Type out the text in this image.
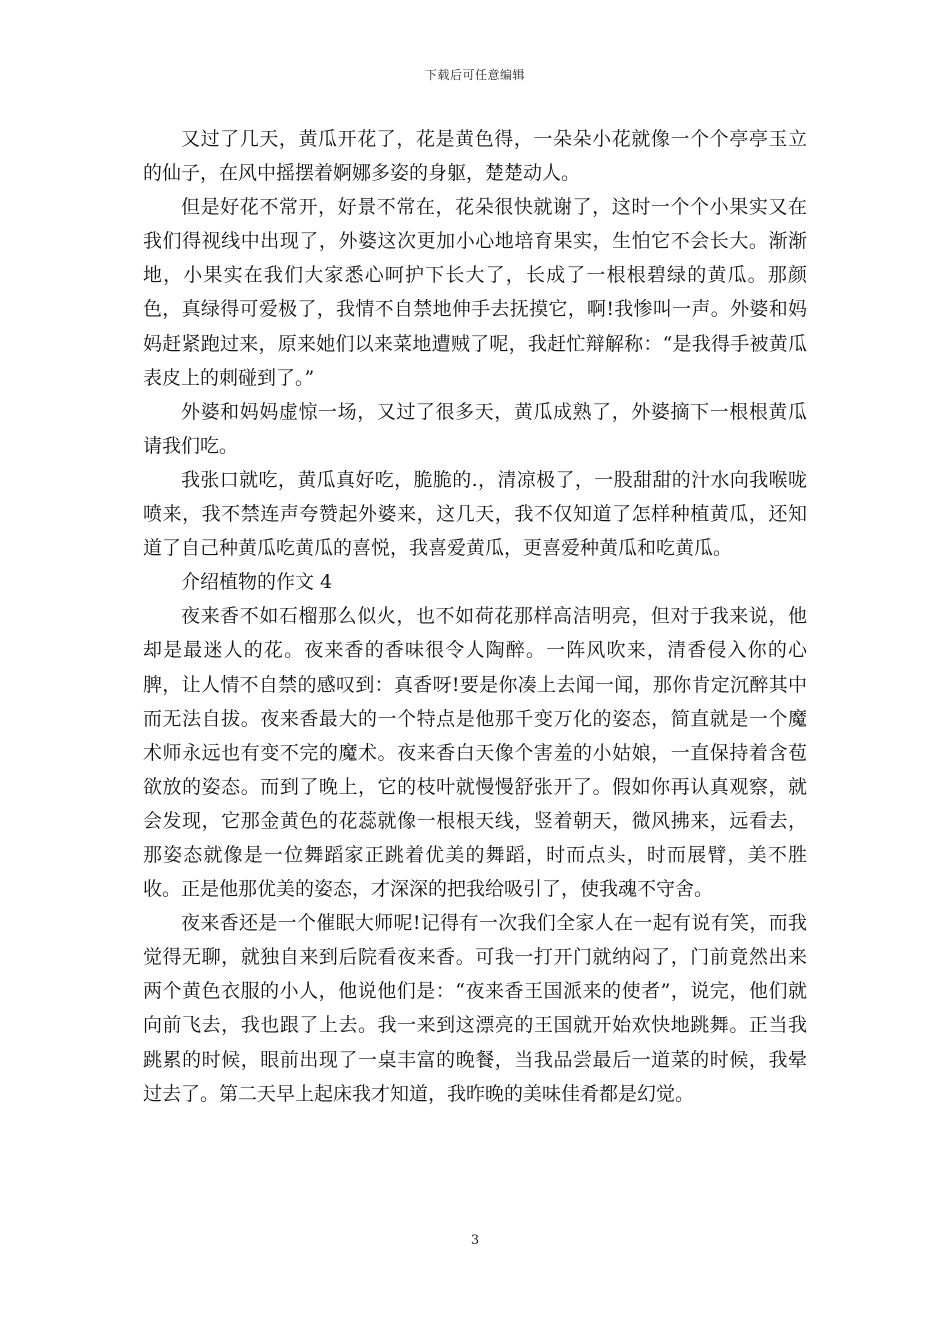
下载后可任意编辑

又过了几天，黄瓜开花了，花是黄色得，一朵朵小花就像一个个亭亭玉立的仙子，在风中摇摆着婀娜多姿的身躯，楚楚动人。

但是好花不常开，好景不常在，花朵很快就谢了，这时一个个小果实又在我们得视线中出现了，外婆这次更加小心地培育果实，生怕它不会长大。渐渐地，小果实在我们大家悉心呵护下长大了，长成了一根根碧绿的黄瓜。那颜色，真绿得可爱极了，我情不自禁地伸手去抚摸它，啊!我惨叫一声。外婆和妈妈赶紧跑过来，原来她们以来菜地遭贼了呢，我赶忙辩解称：“是我得手被黄瓜表皮上的刺碰到了。”

外婆和妈妈虚惊一场，又过了很多天，黄瓜成熟了，外婆摘下一根根黄瓜请我们吃。

我张口就吃，黄瓜真好吃，脆脆的.，清凉极了，一股甜甜的汁水向我喉咙喷来，我不禁连声夸赞起外婆来，这几天，我不仅知道了怎样种植黄瓜，还知道了自己种黄瓜吃黄瓜的喜悦，我喜爱黄瓜，更喜爱种黄瓜和吃黄瓜。

介绍植物的作文 4

夜来香不如石榴那么似火，也不如荷花那样高洁明亮，但对于我来说，他却是最迷人的花。夜来香的香味很令人陶醉。一阵风吹来，清香侵入你的心脾，让人情不自禁的感叹到：真香呀!要是你凑上去闻一闻，那你肯定沉醉其中而无法自拔。夜来香最大的一个特点是他那千变万化的姿态，简直就是一个魔术师永远也有变不完的魔术。夜来香白天像个害羞的小姑娘，一直保持着含苞欲放的姿态。而到了晚上，它的枝叶就慢慢舒张开了。假如你再认真观察，就会发现，它那金黄色的花蕊就像一根根天线，竖着朝天，微风拂来，远看去，那姿态就像是一位舞蹈家正跳着优美的舞蹈，时而点头，时而展臂，美不胜收。正是他那优美的姿态，才深深的把我给吸引了，使我魂不守舍。

夜来香还是一个催眠大师呢!记得有一次我们全家人在一起有说有笑，而我觉得无聊，就独自来到后院看夜来香。可我一打开门就纳闷了，门前竟然出来两个黄色衣服的小人，他说他们是：“夜来香王国派来的使者”，说完，他们就向前飞去，我也跟了上去。我一来到这漂亮的王国就开始欢快地跳舞。正当我跳累的时候，眼前出现了一桌丰富的晚餐，当我品尝最后一道菜的时候，我晕过去了。第二天早上起床我才知道，我昨晚的美味佳肴都是幻觉。

3
